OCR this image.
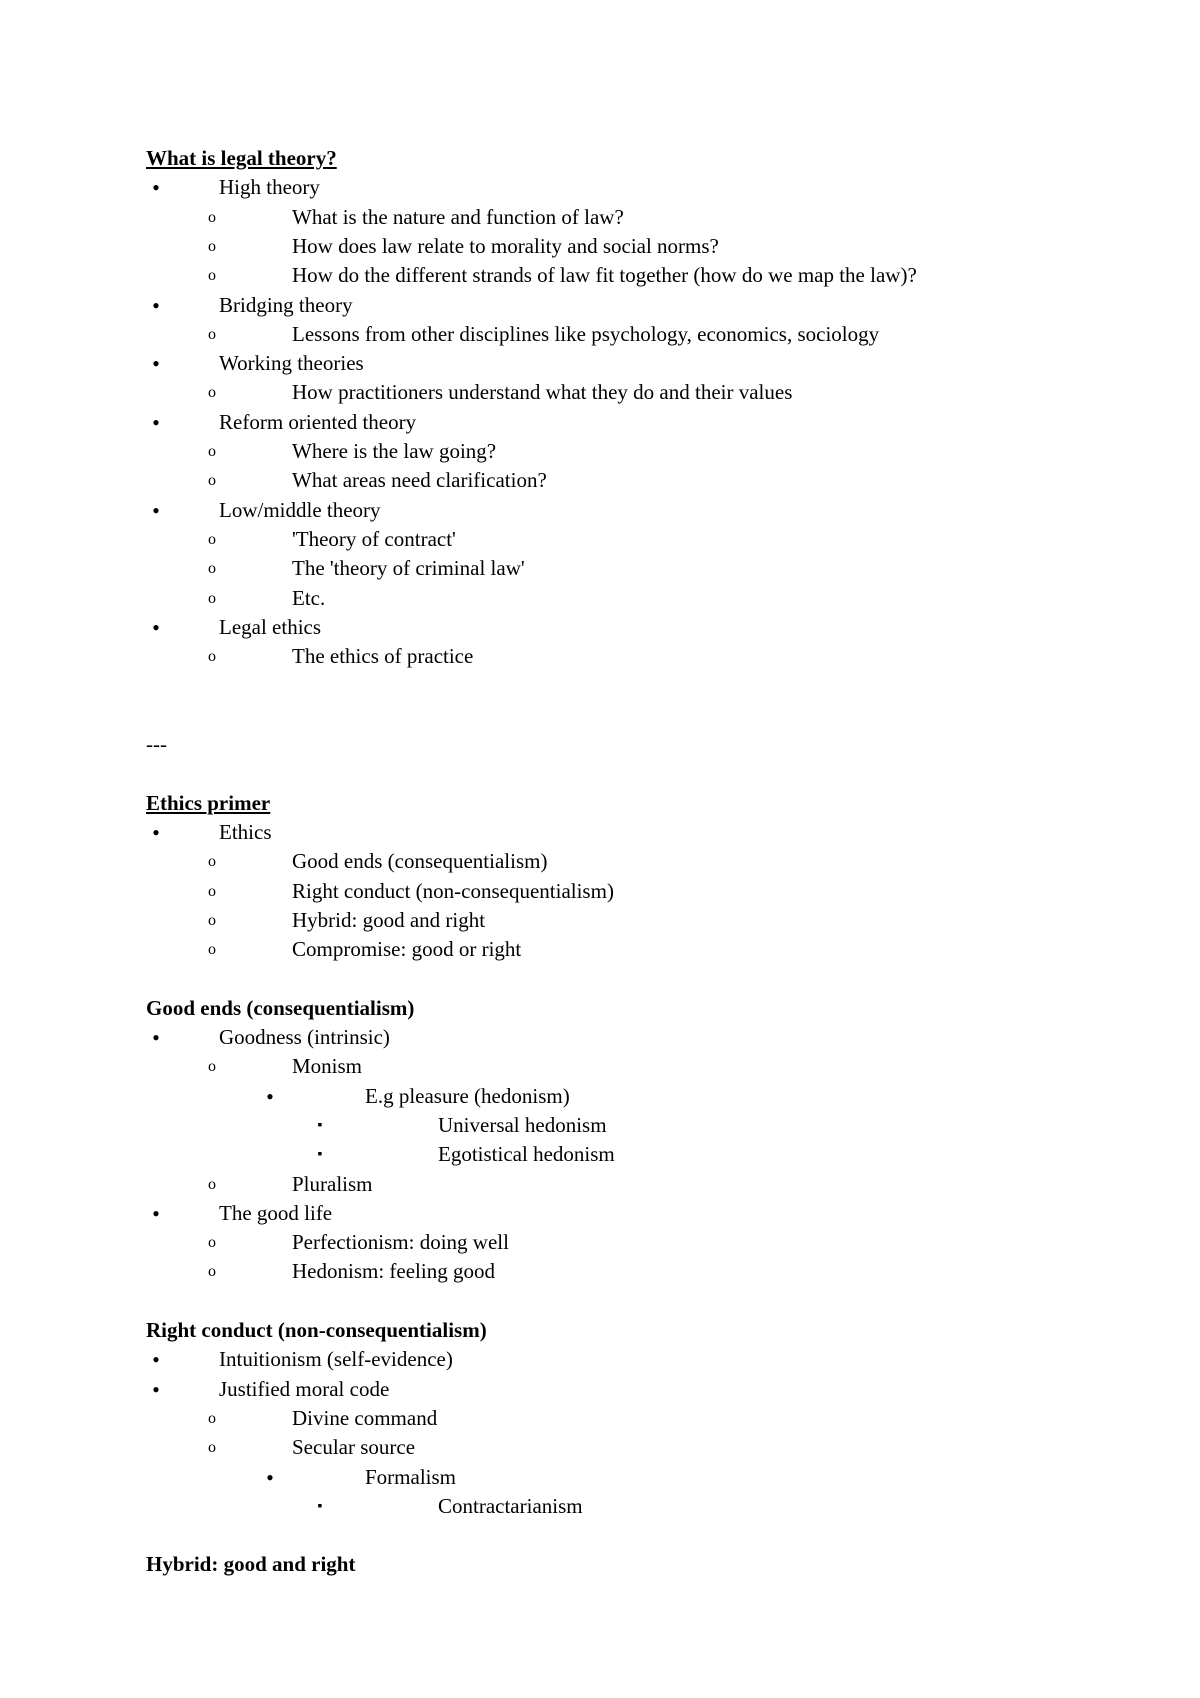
What is legal theory?
•	High theory
o	What is the nature and function of law?
o	How does law relate to morality and social norms?
o	How do the different strands of law fit together (how do we map the law)?
•	Bridging theory
o	Lessons from other disciplines like psychology, economics, sociology
•	Working theories
o	How practitioners understand what they do and their values
•	Reform oriented theory
o	Where is the law going?
o	What areas need clarification?
•	Low/middle theory
o	'Theory of contract'
o	The 'theory of criminal law'
o	Etc.
•	Legal ethics
o	The ethics of practice
---
Ethics primer
•	Ethics
o	Good ends (consequentialism)
o	Right conduct (non-consequentialism)
o	Hybrid: good and right
o	Compromise: good or right
Good ends (consequentialism)
•	Goodness (intrinsic)
o	Monism
•	E.g pleasure (hedonism)
▪	Universal hedonism
▪	Egotistical hedonism
o	Pluralism
•	The good life
o	Perfectionism: doing well
o	Hedonism: feeling good
Right conduct (non-consequentialism)
•	Intuitionism (self-evidence)
•	Justified moral code
o	Divine command
o	Secular source
•	Formalism
▪	Contractarianism
Hybrid: good and right
